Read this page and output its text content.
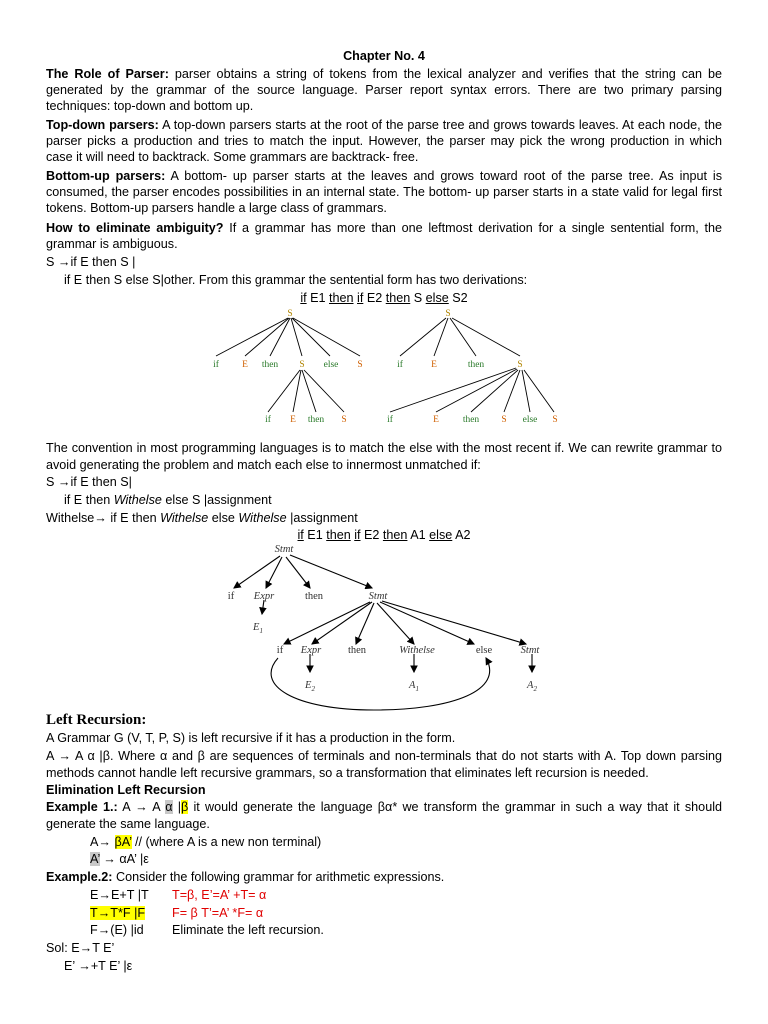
Chapter No. 4
The Role of Parser: parser obtains a string of tokens from the lexical analyzer and verifies that the string can be
generated by the grammar of the source language. Parser report syntax errors. There are two primary parsing
techniques: top-down and bottom up.
Top-down parsers: A top-down parsers starts at the root of the parse tree and grows towards leaves. At each node, the
parser picks a production and tries to match the input. However, the parser may pick the wrong production in which
case it will need to backtrack. Some grammars are backtrack- free.
Bottom-up parsers: A bottom- up parser starts at the leaves and grows toward root of the parse tree. As input is
consumed, the parser encodes possibilities in an internal state. The bottom- up parser starts in a state valid for legal first
tokens. Bottom-up parsers handle a large class of grammars.
How to eliminate ambiguity? If a grammar has more than one leftmost derivation for a single sentential form, the
grammar is ambiguous.
S →if E then S |
if E then S else S|other. From this grammar the sentential form has two derivations:
if E1 then if E2 then S else S2
S
if E then S else S
if E then S
S
if	E	then	S
if	E	then S else S
The convention in most programming languages is to match the else with the most recent if. We can rewrite grammar to
avoid generating the problem and match each else to innermost unmatched if:
S →if E then S|
if E then Withelse else S |assignment
Withelse→ if E then Withelse else Withelse |assignment
if E1 then if E2 then A1 else A2
Stmt
if Expr	then	Stmt
$E_1$
if Expr	then	Withelse	else	Stmt
$E_2$	$A_1$	$A_2$
Left Recursion:
A Grammar G (V, T, P, S) is left recursive if it has a production in the form.
A → A α |β. Where α and β are sequences of terminals and non-terminals that do not starts with A. Top down parsing
methods cannot handle left recursive grammars, so a transformation that eliminates left recursion is needed.
Elimination Left Recursion
Example 1.: A → A α |β it would generate the language βα* we transform the grammar in such a way that it should
generate the same language.
A→ βA’ // (where A is a new non terminal)
A’ → αA’ |ε
Example.2: Consider the following grammar for arithmetic expressions.
E→E+T |T T=β, E’=A’ +T= α
T→T*F |F F= β T’=A’ *F= α
F→(E) |id Eliminate the left recursion.
Sol: E→T E’
E’ →+T E’ |ε
